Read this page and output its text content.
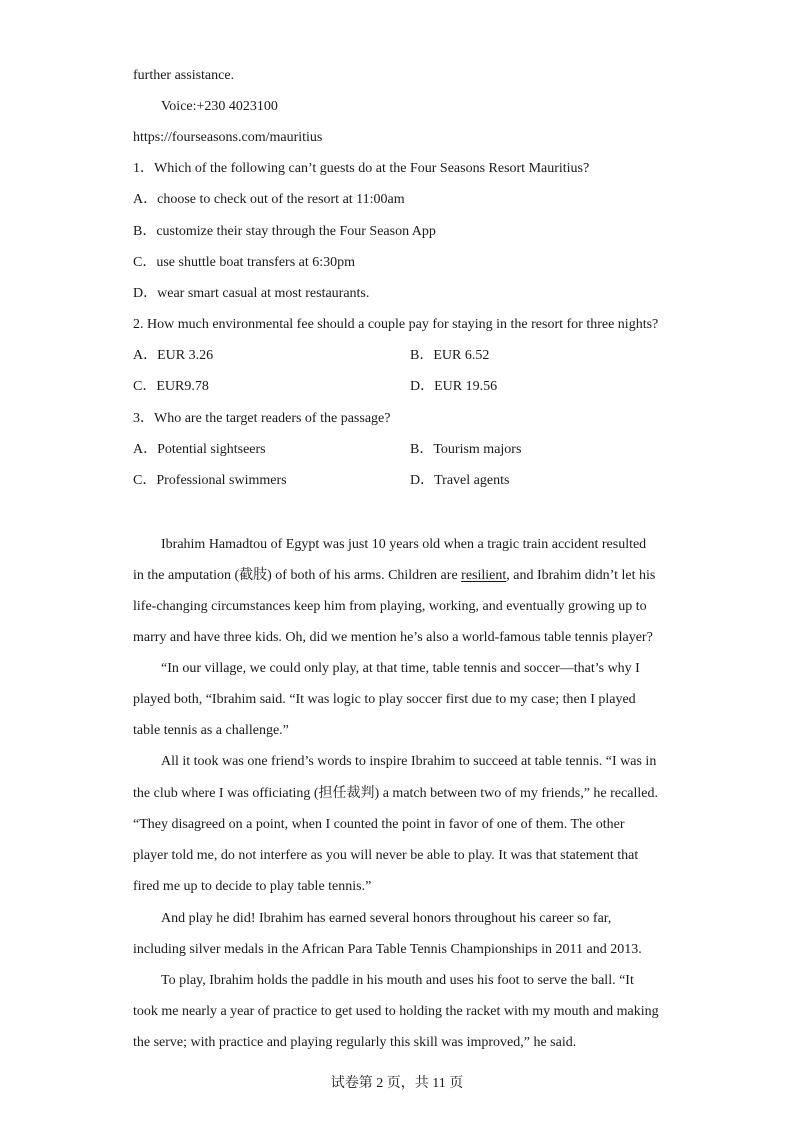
further assistance.
Voice:+230 4023100
https://fourseasons.com/mauritius
1．Which of the following can’t guests do at the Four Seasons Resort Mauritius?
A．choose to check out of the resort at 11:00am
B．customize their stay through the Four Season App
C．use shuttle boat transfers at 6:30pm
D．wear smart casual at most restaurants.
2. How much environmental fee should a couple pay for staying in the resort for three nights?
A．EUR 3.26	B．EUR 6.52
C．EUR9.78	D．EUR 19.56
3．Who are the target readers of the passage?
A．Potential sightseers	B．Tourism majors
C．Professional swimmers	D．Travel agents
Ibrahim Hamadtou of Egypt was just 10 years old when a tragic train accident resulted
in the amputation (截肢) of both of his arms. Children are resilient, and Ibrahim didn’t let his
life-changing circumstances keep him from playing, working, and eventually growing up to
marry and have three kids. Oh, did we mention he’s also a world-famous table tennis player?
“In our village, we could only play, at that time, table tennis and soccer—that’s why I
played both, “Ibrahim said. “It was logic to play soccer first due to my case; then I played
table tennis as a challenge.”
All it took was one friend’s words to inspire Ibrahim to succeed at table tennis. “I was in
the club where I was officiating (担任裁判) a match between two of my friends,” he recalled.
“They disagreed on a point, when I counted the point in favor of one of them. The other
player told me, do not interfere as you will never be able to play. It was that statement that
fired me up to decide to play table tennis.”
And play he did! Ibrahim has earned several honors throughout his career so far,
including silver medals in the African Para Table Tennis Championships in 2011 and 2013.
To play, Ibrahim holds the paddle in his mouth and uses his foot to serve the ball. “It
took me nearly a year of practice to get used to holding the racket with my mouth and making
the serve; with practice and playing regularly this skill was improved,” he said.
试卷第 2 页，共 11 页
